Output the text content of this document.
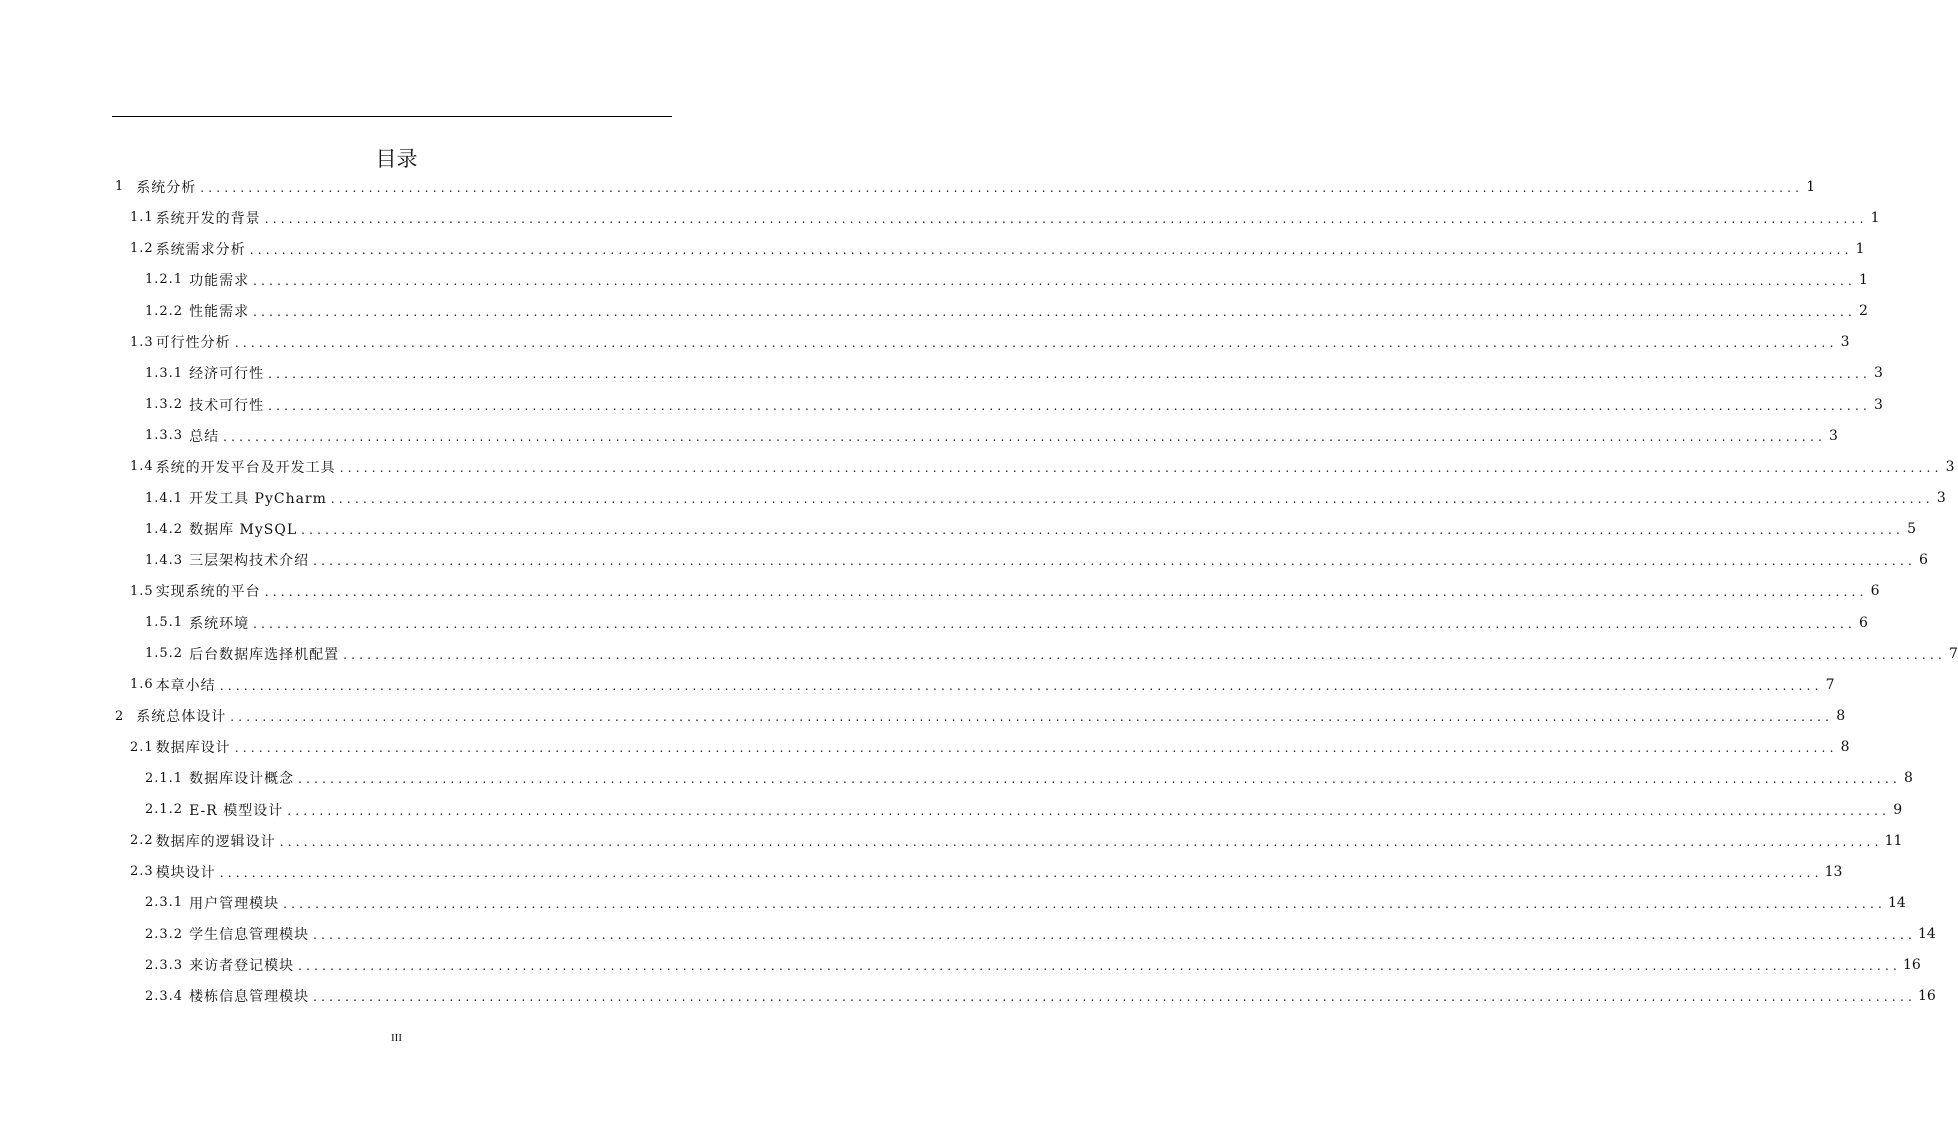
目录
1 系统分析 ........................................................................................................................................................................................................ 1
1.1 系统开发的背景 ........................................................................................................................................................................................................ 1
1.2 系统需求分析 ........................................................................................................................................................................................................ 1
1.2.1 功能需求 ........................................................................................................................................................................................................ 1
1.2.2 性能需求 ........................................................................................................................................................................................................ 2
1.3 可行性分析 ........................................................................................................................................................................................................ 3
1.3.1 经济可行性 ........................................................................................................................................................................................................ 3
1.3.2 技术可行性 ........................................................................................................................................................................................................ 3
1.3.3 总结 ........................................................................................................................................................................................................ 3
1.4 系统的开发平台及开发工具 ........................................................................................................................................................................................................ 3
1.4.1 开发工具 PyCharm ........................................................................................................................................................................................................ 3
1.4.2 数据库 MySQL ........................................................................................................................................................................................................ 5
1.4.3 三层架构技术介绍 ........................................................................................................................................................................................................ 6
1.5 实现系统的平台 ........................................................................................................................................................................................................ 6
1.5.1 系统环境 ........................................................................................................................................................................................................ 6
1.5.2 后台数据库选择机配置 ........................................................................................................................................................................................................ 7
1.6 本章小结 ........................................................................................................................................................................................................ 7
2 系统总体设计 ........................................................................................................................................................................................................ 8
2.1 数据库设计 ........................................................................................................................................................................................................ 8
2.1.1 数据库设计概念 ........................................................................................................................................................................................................ 8
2.1.2 E-R 模型设计 ........................................................................................................................................................................................................ 9
2.2 数据库的逻辑设计 ........................................................................................................................................................................................................ 11
2.3 模块设计 ........................................................................................................................................................................................................ 13
2.3.1 用户管理模块 ........................................................................................................................................................................................................ 14
2.3.2 学生信息管理模块 ........................................................................................................................................................................................................ 14
2.3.3 来访者登记模块 ........................................................................................................................................................................................................ 16
2.3.4 楼栋信息管理模块 ........................................................................................................................................................................................................ 16
III
